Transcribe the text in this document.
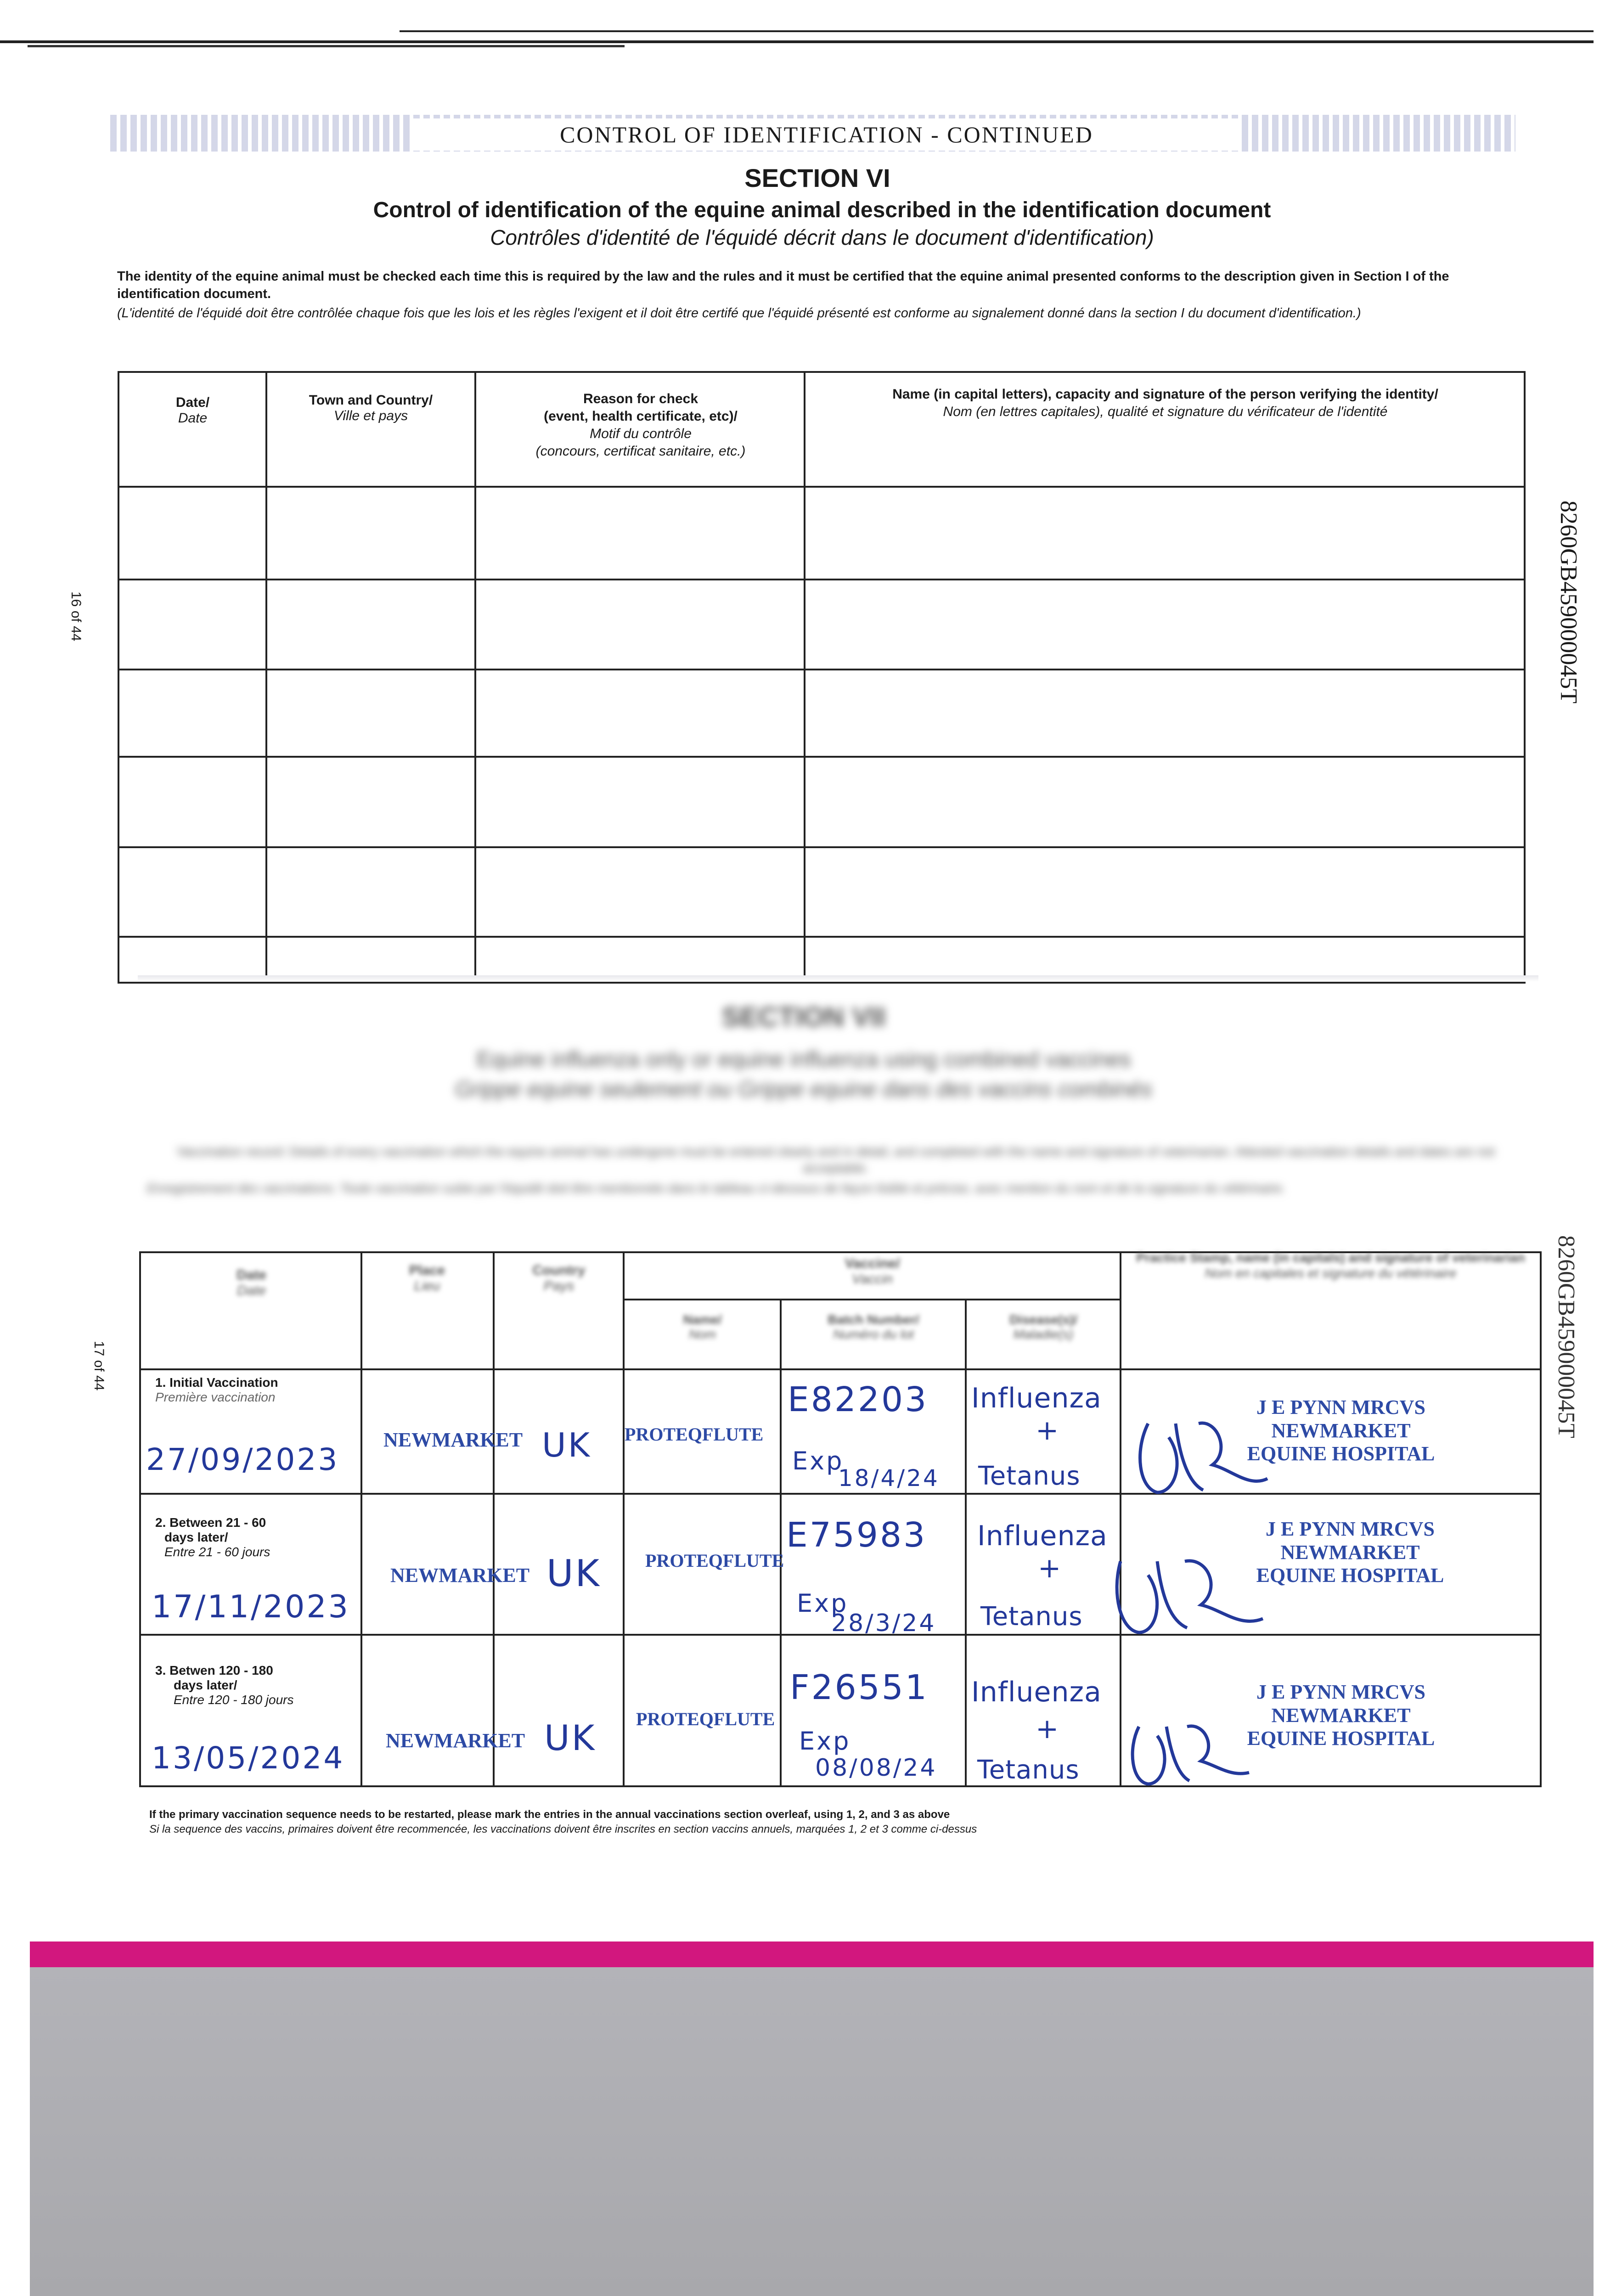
CONTROL OF IDENTIFICATION - CONTINUED
SECTION VI
Control of identification of the equine animal described in the identification document
Contrôles d'identité de l'équidé décrit dans le document d'identification)
The identity of the equine animal must be checked each time this is required by the law and the rules and it must be certified that the equine animal presented conforms to the description given in Section I of the identification document.
(L'identité de l'équidé doit être contrôlée chaque fois que les lois et les règles l'exigent et il doit être certifé que l'équidé présenté est conforme au signalement donné dans la section I du document d'identification.)
Date/
Date
Town and Country/
Ville et pays
Reason for check
(event, health certificate, etc)/
Motif du contrôle
(concours, certificat sanitaire, etc.)
Name (in capital letters), capacity and signature of the person verifying the identity/
Nom (en lettres capitales), qualité et signature du vérificateur de l'identité
16 of 44
17 of 44
8260GB459000045T
8260GB459000045T
SECTION VII
Equine influenza only or equine influenza using combined vaccines
Grippe equine seulement ou Grippe equine dans des vaccins combinés
Vaccination record: Details of every vaccination which the equine animal has undergone must be entered clearly and in detail, and completed with the name and signature of veterinarian. Attested vaccination details and dates are not acceptable.
Enregistrement des vaccinations: Toute vaccination subie par l'équidé doit être mentionnée dans le tableau ci-dessous de façon lisible et précise, avec mention du nom et de la signature du vétérinaire.
Date
Date
Place
Lieu
Country
Pays
Vaccine/
Vaccin
Name/
Nom
Batch Number/
Numéro du lot
Disease(s)/
Maladie(s)
Practice Stamp, name (in capitals) and signature of veterinarian
Nom en capitales et signature du vétérinaire
1. Initial Vaccination
Première vaccination
27/09/2023
NEWMARKET UK PROTEQFLUTE
E82203
Exp
18/4/24
Influenza
+
Tetanus
J E PYNN MRCVS
NEWMARKET
EQUINE HOSPITAL
2. Between 21 - 60
days later/
Entre 21 - 60 jours
17/11/2023
NEWMARKET UK PROTEQFLUTE
E75983
Exp
28/3/24
Influenza
+
Tetanus
J E PYNN MRCVS
NEWMARKET
EQUINE HOSPITAL
3. Betwen 120 - 180
days later/
Entre 120 - 180 jours
13/05/2024 NEWMARKET UK PROTEQFLUTE
F26551
Exp
08/08/24
Influenza
+
Tetanus
J E PYNN MRCVS
NEWMARKET
EQUINE HOSPITAL
If the primary vaccination sequence needs to be restarted, please mark the entries in the annual vaccinations section overleaf, using 1, 2, and 3 as above
Si la sequence des vaccins, primaires doivent être recommencée, les vaccinations doivent être inscrites en section vaccins annuels, marquées 1, 2 et 3 comme ci-dessus
